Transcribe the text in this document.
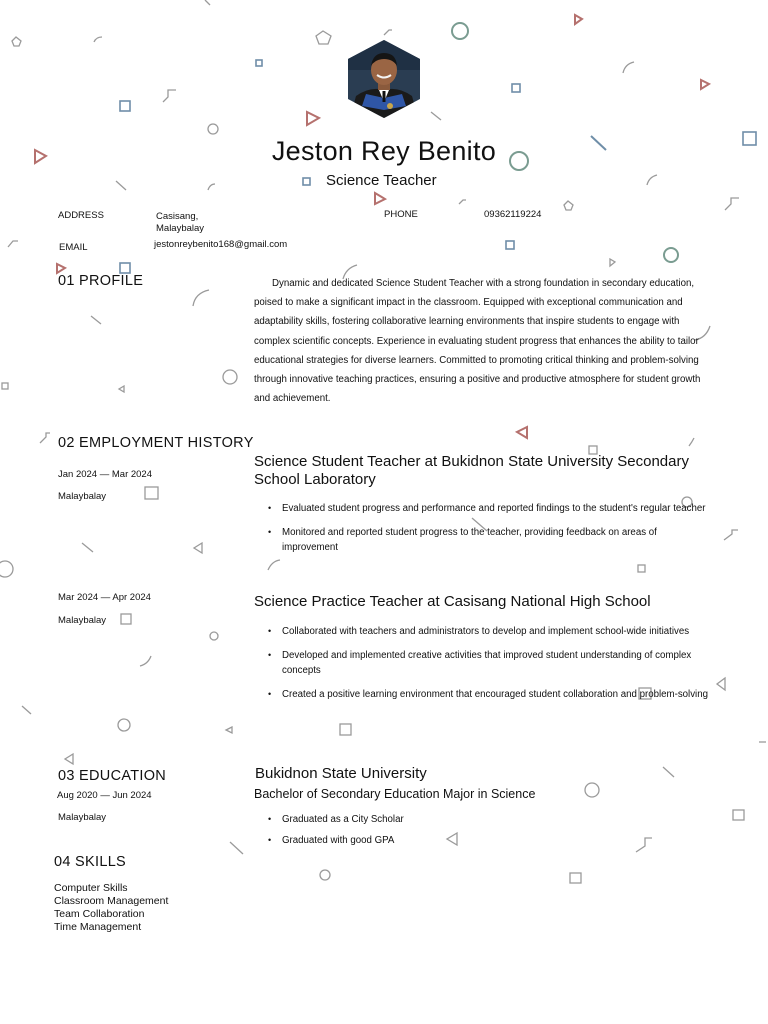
Jeston Rey Benito
Science Teacher
ADDRESS	Casisang,
Malaybalay
PHONE	09362119224
EMAIL	jestonreybenito168@gmail.com
01 PROFILE	Dynamic and dedicated Science Student Teacher with a strong foundation in secondary education, poised to make a significant impact in the classroom. Equipped with exceptional communication and adaptability skills, fostering collaborative learning environments that inspire students to engage with complex scientific concepts. Experience in evaluating student progress that enhances the ability to tailor educational strategies for diverse learners. Committed to promoting critical thinking and problem-solving through innovative teaching practices, ensuring a positive and productive atmosphere for student growth and achievement.

02 EMPLOYMENT HISTORY
Jan 2024 — Mar 2024
Malaybalay
Science Student Teacher at Bukidnon State University Secondary School Laboratory
• Evaluated student progress and performance and reported findings to the student's regular teacher
• Monitored and reported student progress to the teacher, providing feedback on areas of improvement
Mar 2024 — Apr 2024
Malaybalay
Science Practice Teacher at Casisang National High School
• Collaborated with teachers and administrators to develop and implement school-wide initiatives
• Developed and implemented creative activities that improved student understanding of complex concepts
• Created a positive learning environment that encouraged student collaboration and problem-solving
03 EDUCATION
Aug 2020 — Jun 2024
Malaybalay
Bukidnon State University
Bachelor of Secondary Education Major in Science
• Graduated as a City Scholar
• Graduated with good GPA
04 SKILLS
Computer Skills
Classroom Management
Team Collaboration
Time Management
